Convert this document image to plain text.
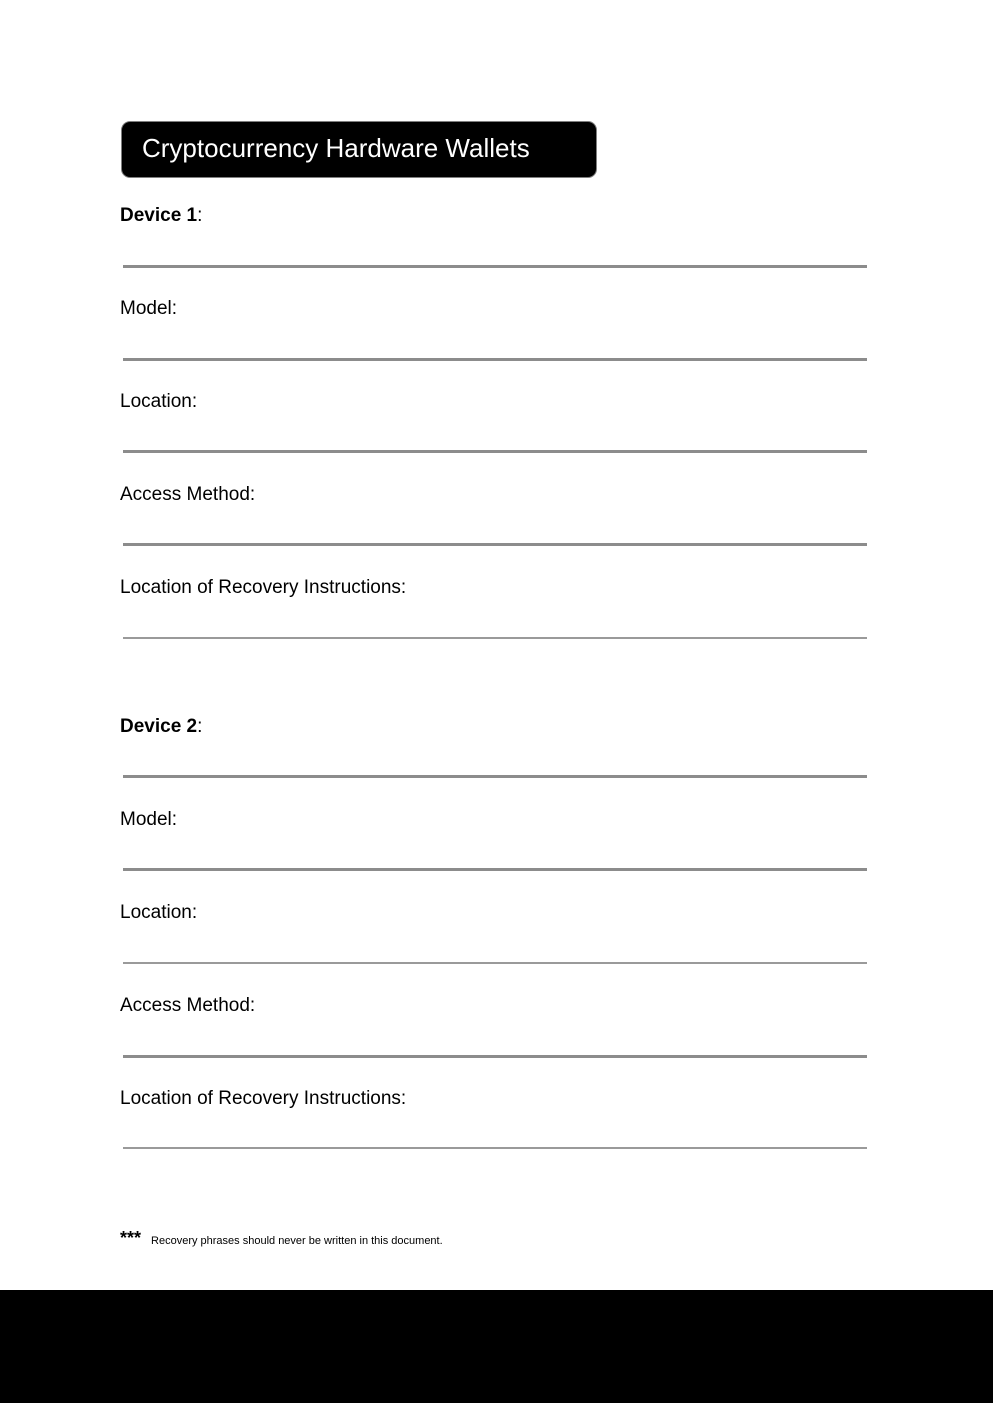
Cryptocurrency Hardware Wallets
Device 1:
Model:
Location:
Access Method:
Location of Recovery Instructions:
Device 2:
Model:
Location:
Access Method:
Location of Recovery Instructions:
*** Recovery phrases should never be written in this document.
